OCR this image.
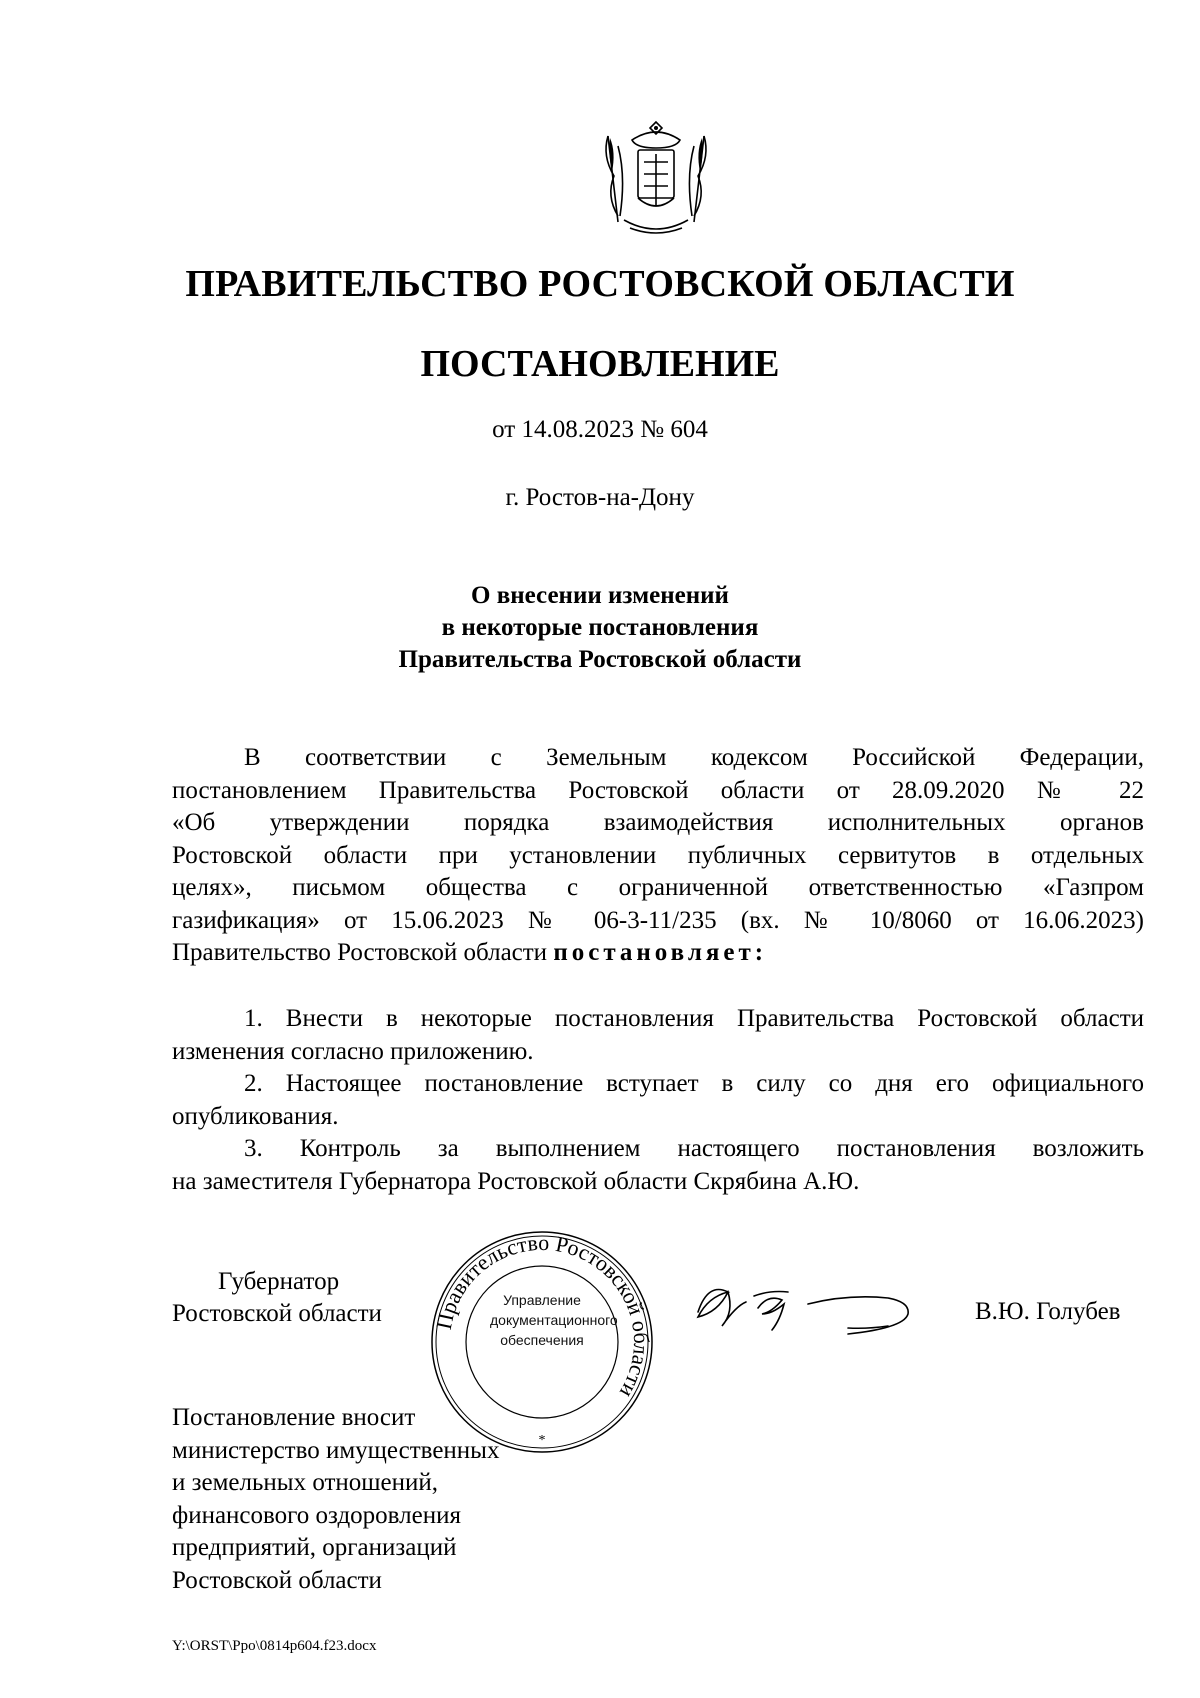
ПРАВИТЕЛЬСТВО РОСТОВСКОЙ ОБЛАСТИ
ПОСТАНОВЛЕНИЕ
от 14.08.2023 № 604
г. Ростов-на-Дону
О внесении изменений
в некоторые постановления
Правительства Ростовской области
В соответствии с Земельным кодексом Российской Федерации,
постановлением Правительства Ростовской области от 28.09.2020 № 22
«Об утверждении порядка взаимодействия исполнительных органов
Ростовской области при установлении публичных сервитутов в отдельных
целях», письмом общества с ограниченной ответственностью «Газпром
газификация» от 15.06.2023 № 06-3-11/235 (вх. № 10/8060 от 16.06.2023)
Правительство Ростовской области постановляет:
1. Внести в некоторые постановления Правительства Ростовской области
изменения согласно приложению.
2. Настоящее постановление вступает в силу со дня его официального
опубликования.
3. Контроль за выполнением настоящего постановления возложить
на заместителя Губернатора Ростовской области Скрябина А.Ю.
Губернатор
Ростовской области Правительство Ростовской области
*
Управление
документационного
обеспечения
В.Ю. Голубев
Постановление вносит
министерство имущественных
и земельных отношений,
финансового оздоровления
предприятий, организаций
Ростовской области
Y:\ORST\Ppo\0814p604.f23.docx
